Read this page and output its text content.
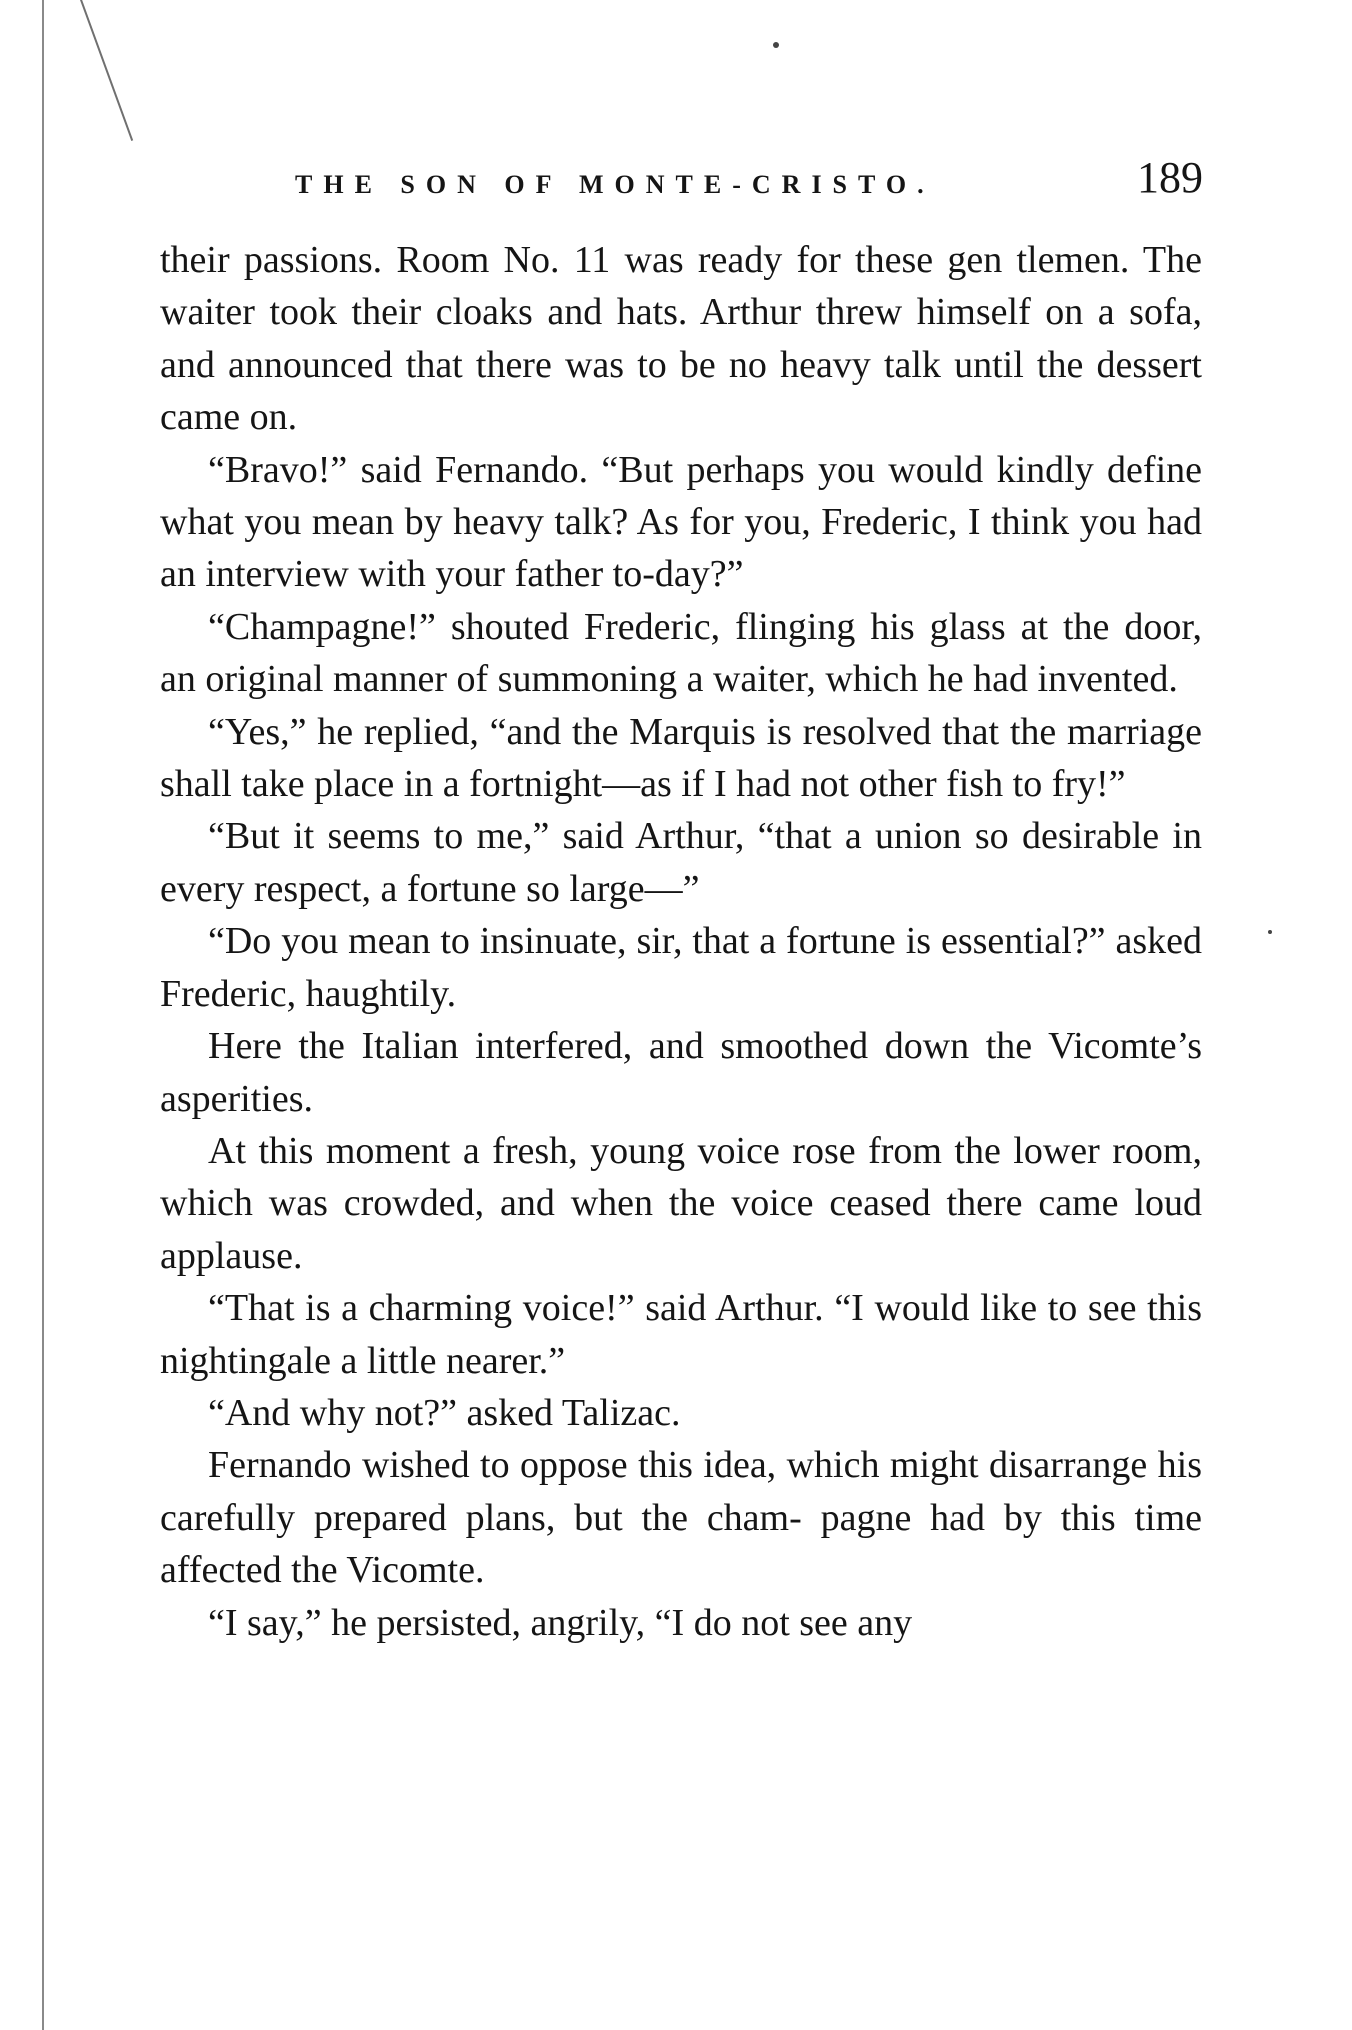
THE SON OF MONTE-CRISTO.	189

their passions. Room No. 11 was ready for these gen tlemen. The waiter took their cloaks and hats. Arthur threw himself on a sofa, and announced that there was to be no heavy talk until the dessert came on.

“Bravo!” said Fernando. “But perhaps you would kindly define what you mean by heavy talk? As for you, Frederic, I think you had an interview with your father to-day?”

“Champagne!” shouted Frederic, flinging his glass at the door, an original manner of summoning a waiter, which he had invented.

“Yes,” he replied, “and the Marquis is resolved that the marriage shall take place in a fortnight—as if I had not other fish to fry!”

“But it seems to me,” said Arthur, “that a union so desirable in every respect, a fortune so large—”

“Do you mean to insinuate, sir, that a fortune is essential?” asked Frederic, haughtily.

Here the Italian interfered, and smoothed down the Vicomte’s asperities.

At this moment a fresh, young voice rose from the lower room, which was crowded, and when the voice ceased there came loud applause.

“That is a charming voice!” said Arthur. “I would like to see this nightingale a little nearer.”

“And why not?” asked Talizac.

Fernando wished to oppose this idea, which might disarrange his carefully prepared plans, but the cham- pagne had by this time affected the Vicomte.

“I say,” he persisted, angrily, “I do not see any
